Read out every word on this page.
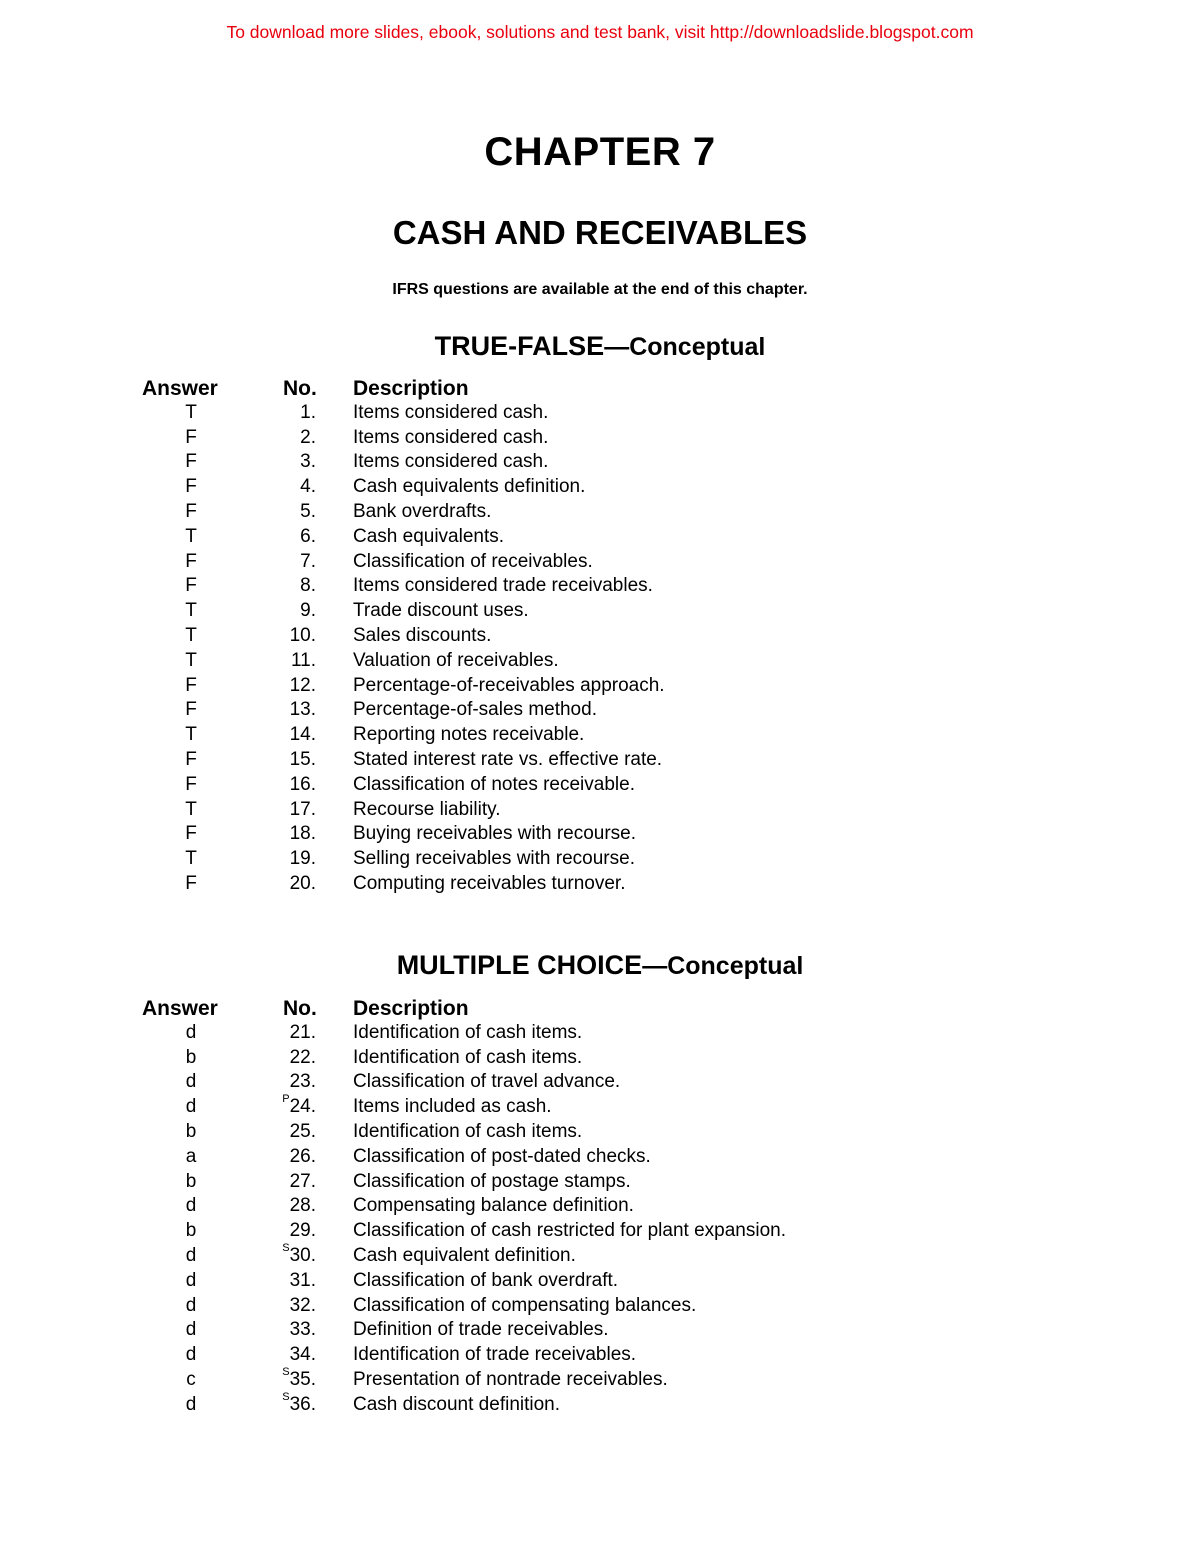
To download more slides, ebook, solutions and test bank, visit http://downloadslide.blogspot.com
CHAPTER 7
CASH AND RECEIVABLES
IFRS questions are available at the end of this chapter.
TRUE-FALSE—Conceptual
Answer	No. Description
T	1. Items considered cash.
F	2. Items considered cash.
F	3. Items considered cash.
F	4. Cash equivalents definition.
F	5. Bank overdrafts.
T	6. Cash equivalents.
F	7. Classification of receivables.
F	8. Items considered trade receivables.
T	9. Trade discount uses.
T	10. Sales discounts.
T	11. Valuation of receivables.
F	12. Percentage-of-receivables approach.
F	13. Percentage-of-sales method.
T	14. Reporting notes receivable.
F	15. Stated interest rate vs. effective rate.
F	16. Classification of notes receivable.
T	17. Recourse liability.
F	18. Buying receivables with recourse.
T	19. Selling receivables with recourse.
F	20. Computing receivables turnover.
MULTIPLE CHOICE—Conceptual
Answer	No. Description
d	21. Identification of cash items.
b	22. Identification of cash items.
d	23. Classification of travel advance.
d	$^P$24. Items included as cash.
b	25. Identification of cash items.
a	26. Classification of post-dated checks.
b	27. Classification of postage stamps.
d	28. Compensating balance definition.
b	29. Classification of cash restricted for plant expansion.
d	$^S$30. Cash equivalent definition.
d	31. Classification of bank overdraft.
d	32. Classification of compensating balances.
d	33. Definition of trade receivables.
d	34. Identification of trade receivables.
c	$^S$35. Presentation of nontrade receivables.
d	$^S$36. Cash discount definition.
